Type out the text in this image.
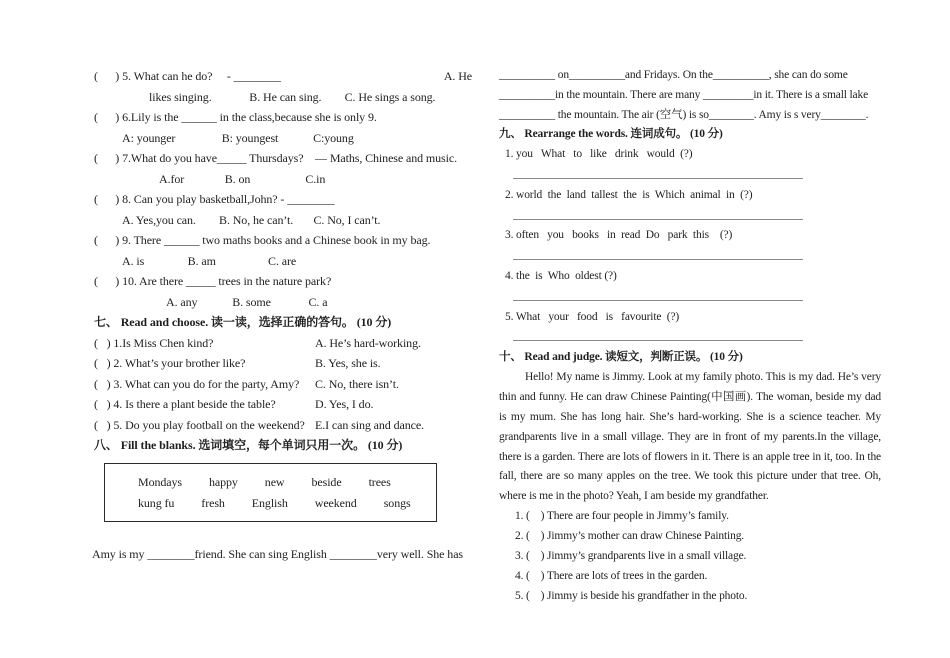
(      ) 5. What can he do?     - ________	A. He
likes singing.             B. He can sing.        C. He sings a song.
(      ) 6.Lily is the ______ in the class,because she is only 9.
A: younger                B: youngest            C:young
(      ) 7.What do you have_____ Thursdays?    — Maths, Chinese and music.
A.for              B. on                   C.in
(      ) 8. Can you play basketball,John? - ________
A. Yes,you can.        B. No, he can’t.       C. No, I can’t.
(      ) 9. There ______ two maths books and a Chinese book in my bag.
A. is               B. am                  C. are
(      ) 10. Are there _____ trees in the nature park?
A. any            B. some             C. a
七、 Read and choose. 读一读，选择正确的答句。 (10 分)
(   ) 1.Is Miss Chen kind?	A. He’s hard-working.
(   ) 2. What’s your brother like?	B. Yes, she is.
(   ) 3. What can you do for the party, Amy?	C. No, there isn’t.
(   ) 4. Is there a plant beside the table?	D. Yes, I do.
(   ) 5. Do you play football on the weekend? E.I can sing and dance.
八、 Fill the blanks. 选词填空，每个单词只用一次。 (10 分)
Mondays happy new beside trees
kung fu fresh English weekend songs
Amy is my ________friend. She can sing English ________very well. She has
__________ on__________and Fridays. On the__________, she can do some
__________in the mountain. There are many _________in it. There is a small lake
__________ the mountain. The air (空气) is so________. Amy is s very________.
九、 Rearrange the words. 连词成句。 (10 分)
1. you   What   to   like   drink   would  (?)
2. world  the  land  tallest  the  is  Which  animal  in  (?)
3. often   you   books   in  read  Do   park  this    (?)
4. the  is  Who  oldest (?)
5. What   your   food   is   favourite  (?)
十、 Read and judge. 读短文，判断正误。 (10 分)
Hello! My name is Jimmy. Look at my family photo. This is my dad. He’s very thin and funny. He can draw Chinese Painting(中国画). The woman, beside my dad is my mum. She has long hair. She’s hard-working. She is a science teacher. My grandparents live in a small village. They are in front of my parents.In the village, there is a garden. There are lots of flowers in it. There is an apple tree in it, too. In the fall, there are so many apples on the tree. We took this picture under that tree. Oh, where is me in the photo? Yeah, I am beside my grandfather.
1. (    ) There are four people in Jimmy’s family.
2. (    ) Jimmy’s mother can draw Chinese Painting.
3. (    ) Jimmy’s grandparents live in a small village.
4. (    ) There are lots of trees in the garden.
5. (    ) Jimmy is beside his grandfather in the photo.
